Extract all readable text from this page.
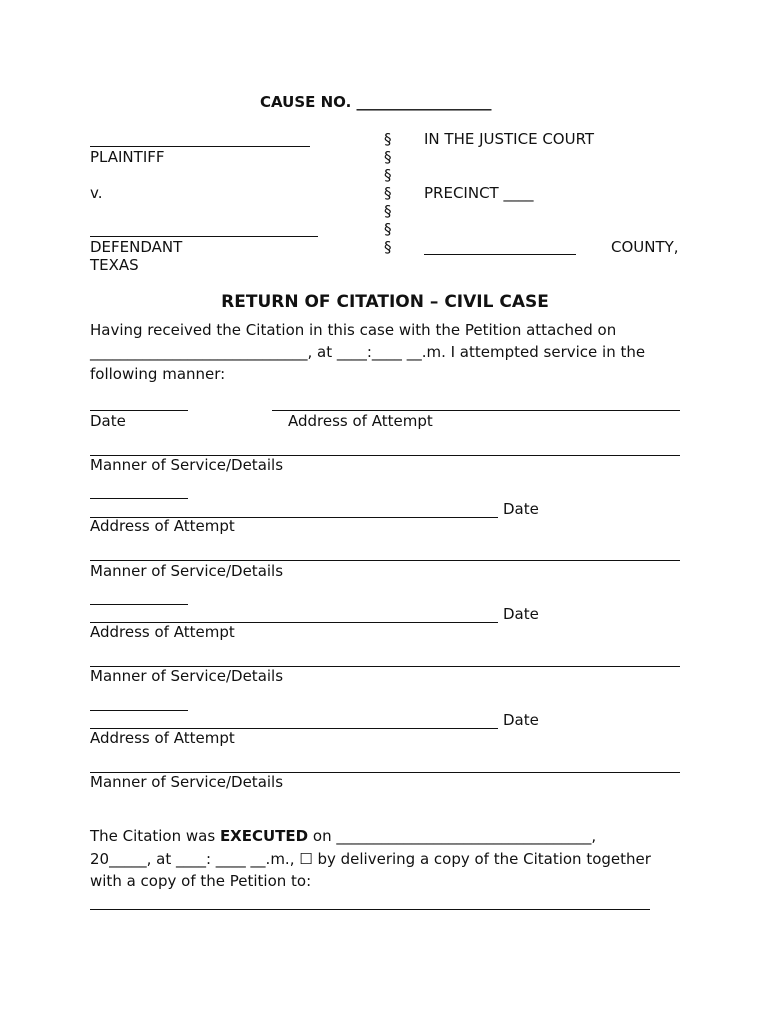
CAUSE NO. __________________
PLAINTIFF
v.
DEFENDANT
TEXAS
§
§
§
§
§
§
§
IN THE JUSTICE COURT
PRECINCT ____
COUNTY,
RETURN OF CITATION – CIVIL CASE
Having received the Citation in this case with the Petition attached on
_____________________________, at ____:____ __.m. I attempted service in the
following manner:
Date	Address of Attempt
Manner of Service/Details
Date
Address of Attempt
Manner of Service/Details
Date
Address of Attempt
Manner of Service/Details
Date
Address of Attempt
Manner of Service/Details
The Citation was EXECUTED on __________________________________,
20_____, at ____: ____ __.m., ☐ by delivering a copy of the Citation together
with a copy of the Petition to:
